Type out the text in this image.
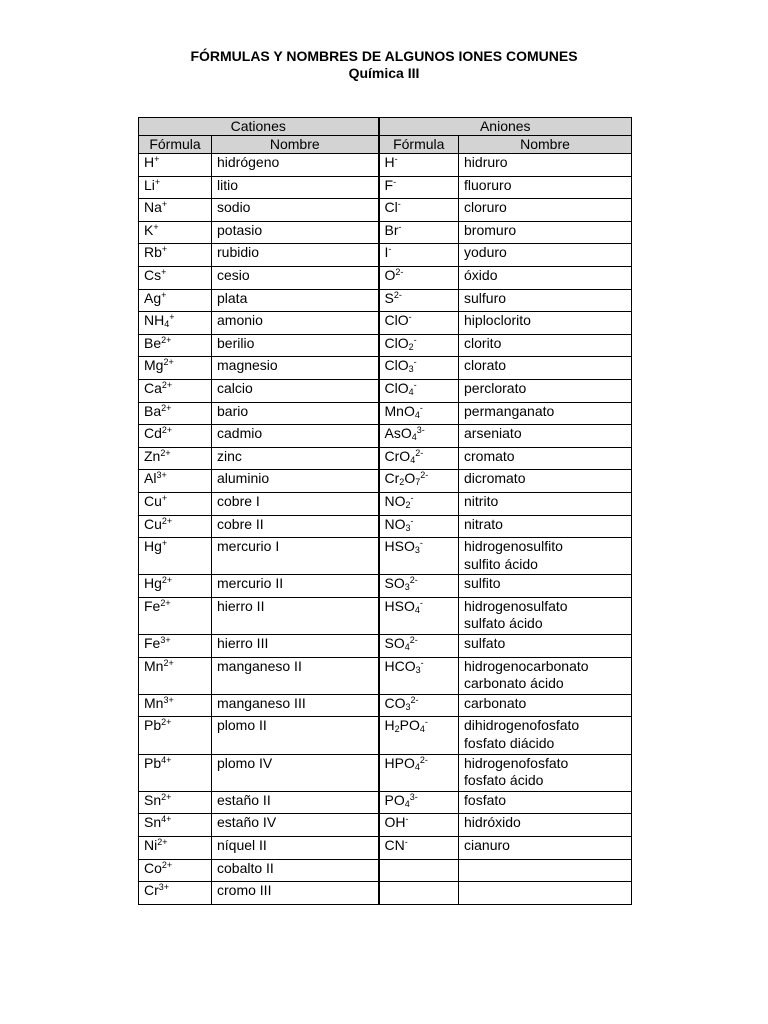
FÓRMULAS Y NOMBRES DE ALGUNOS IONES COMUNES
Química III
Cationes		Aniones	
Fórmula	Nombre	Fórmula	Nombre
H+	hidrógeno	H-	hidruro
Li+	litio	F-	fluoruro
Na+	sodio	Cl-	cloruro
K+	potasio	Br-	bromuro
Rb+	rubidio	I-	yoduro
Cs+	cesio	$O^{2-}$	óxido
Ag+	plata	$S^{2-}$	sulfuro
$NH_4^+$	amonio	ClO-	hiploclorito
$Be^{2+}$	berilio	ClO$_2$-	clorito
$Mg^{2+}$	magnesio	ClO$_3$-	clorato
$Ca^{2+}$	calcio	ClO$_4$-	perclorato
$Ba^{2+}$	bario	MnO$_4$-	permanganato
$Cd^{2+}$	cadmio	AsO$_4^{3-}$	arseniato
$Zn^{2+}$	zinc	CrO$_4^{2-}$	cromato
$Al^{3+}$	aluminio	$Cr_2O_7^{2-}$	dicromato
Cu+	cobre I	$NO_2^-$	nitrito
$Cu^{2+}$	cobre II	$NO_3^-$	nitrato
Hg+	mercurio I	$HSO_3^-$	hidrogenosulfito
sulfito ácido
$Hg^{2+}$	mercurio II	$SO_3^{2-}$	sulfito
$Fe^{2+}$	hierro II	$HSO_4^-$	hidrogenosulfato
sulfato ácido
$Fe^{3+}$	hierro III	$SO_4^{2-}$	sulfato
$Mn^{2+}$	manganeso II	$HCO_3^-$	hidrogenocarbonato
carbonato ácido
$Mn^{3+}$	manganeso III	$CO_3^{2-}$	carbonato
$Pb^{2+}$	plomo II	$H_2PO_4^-$	dihidrogenofosfato
fosfato diácido
$Pb^{4+}$	plomo IV	$HPO_4^{2-}$	hidrogenofosfato
fosfato ácido
$Sn^{2+}$	estaño II	$PO_4^{3-}$	fosfato
$Sn^{4+}$	estaño IV	OH-	hidróxido
$Ni^{2+}$	níquel II	CN-	cianuro
$Co^{2+}$	cobalto II		
$Cr^{3+}$	cromo III		
